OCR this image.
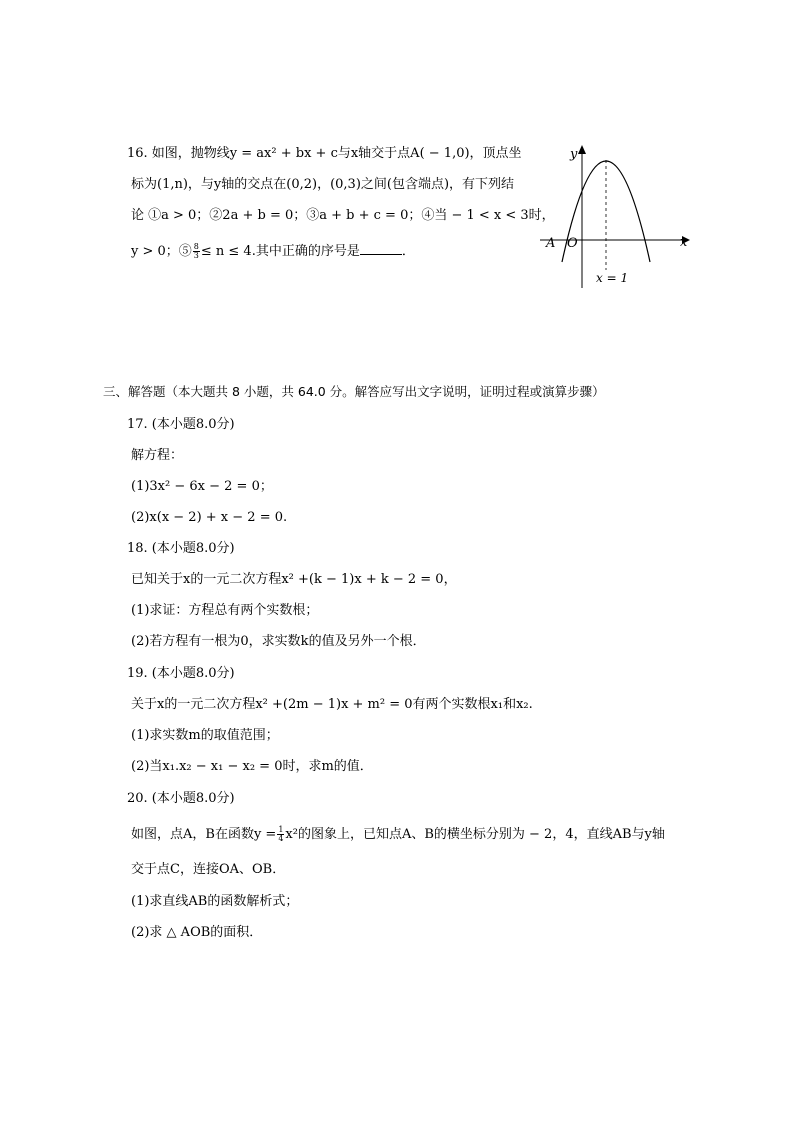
16. 如图，抛物线y = ax² + bx + c与x轴交于点A( − 1,0)，顶点坐
标为(1,n)，与y轴的交点在(0,2)，(0,3)之间(包含端点)，有下列结
论 ①a > 0；②2a + b = 0；③a + b + c = 0；④当 − 1 < x < 3时，
y > 0；⑤ $\frac{8}{3} \le n \le 4$.其中正确的序号是	．
y
x
A O
x = 1
三、解答题（本大题共 8 小题，共 64.0 分。解答应写出文字说明，证明过程或演算步骤）
17. (本小题8.0分)
解方程：
(1)3x² − 6x − 2 = 0；
(2)x(x − 2) + x − 2 = 0.
18. (本小题8.0分)
已知关于x的一元二次方程x² +(k − 1)x + k − 2 = 0，
(1)求证：方程总有两个实数根；
(2)若方程有一根为0，求实数k的值及另外一个根．
19. (本小题8.0分)
关于x的一元二次方程x² +(2m − 1)x + m² = 0有两个实数根x₁和x₂.
(1)求实数m的取值范围；
(2)当x₁.x₂ − x₁ − x₂ = 0时，求m的值．
20. (本小题8.0分)
如图，点A，B在函数$y = \frac{1}{4} x^2$的图象上，已知点A、B的横坐标分别为 − 2，4，直线AB与y轴
交于点C，连接OA、OB．
(1)求直线AB的函数解析式；
(2)求 △ AOB的面积．
